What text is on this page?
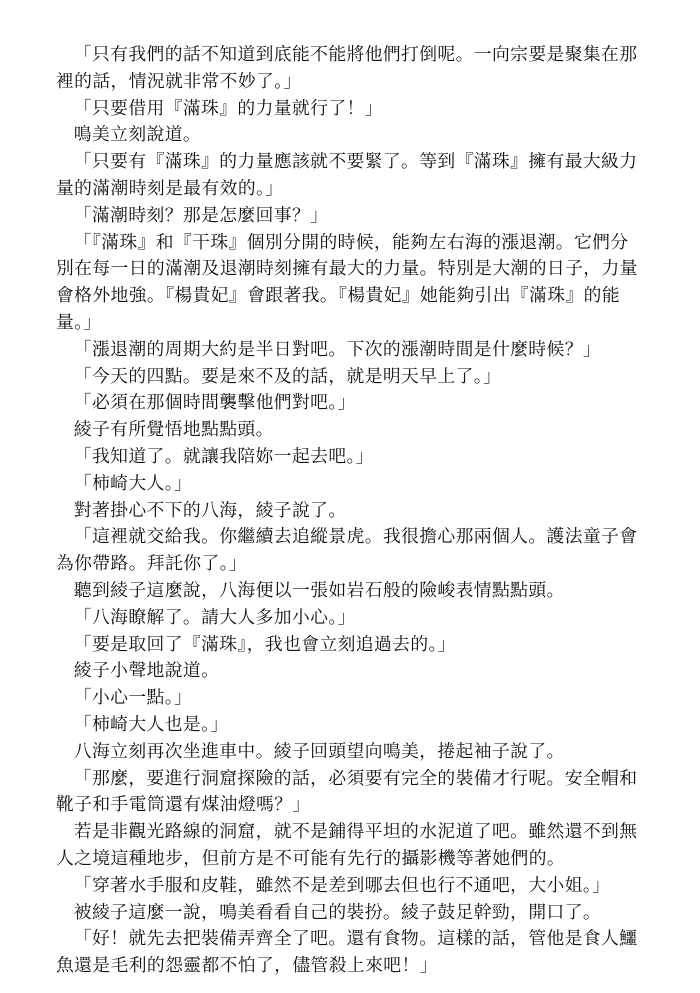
「只有我們的話不知道到底能不能將他們打倒呢。一向宗要是聚集在那裡的話，情況就非常不妙了。」

「只要借用『滿珠』的力量就行了！」

鳴美立刻說道。

「只要有『滿珠』的力量應該就不要緊了。等到『滿珠』擁有最大級力量的滿潮時刻是最有效的。」

「滿潮時刻？那是怎麼回事？」

「『滿珠』和『干珠』個別分開的時候，能夠左右海的漲退潮。它們分別在每一日的滿潮及退潮時刻擁有最大的力量。特別是大潮的日子，力量會格外地強。『楊貴妃』會跟著我。『楊貴妃』她能夠引出『滿珠』的能量。」

「漲退潮的周期大約是半日對吧。下次的漲潮時間是什麼時候？」

「今天的四點。要是來不及的話，就是明天早上了。」

「必須在那個時間襲擊他們對吧。」

綾子有所覺悟地點點頭。

「我知道了。就讓我陪妳一起去吧。」

「柿崎大人。」

對著掛心不下的八海，綾子說了。

「這裡就交給我。你繼續去追縱景虎。我很擔心那兩個人。護法童子會為你帶路。拜託你了。」

聽到綾子這麼說，八海便以一張如岩石般的險峻表情點點頭。

「八海瞭解了。請大人多加小心。」

「要是取回了『滿珠』，我也會立刻追過去的。」

綾子小聲地說道。

「小心一點。」

「柿崎大人也是。」

八海立刻再次坐進車中。綾子回頭望向鳴美，捲起袖子說了。

「那麼，要進行洞窟探險的話，必須要有完全的裝備才行呢。安全帽和靴子和手電筒還有煤油燈嗎？」

若是非觀光路線的洞窟，就不是鋪得平坦的水泥道了吧。雖然還不到無人之境這種地步，但前方是不可能有先行的攝影機等著她們的。

「穿著水手服和皮鞋，雖然不是差到哪去但也行不通吧，大小姐。」

被綾子這麼一說，鳴美看看自己的裝扮。綾子鼓足幹勁，開口了。

「好！就先去把裝備弄齊全了吧。還有食物。這樣的話，管他是食人鱷魚還是毛利的怨靈都不怕了，儘管殺上來吧！」
